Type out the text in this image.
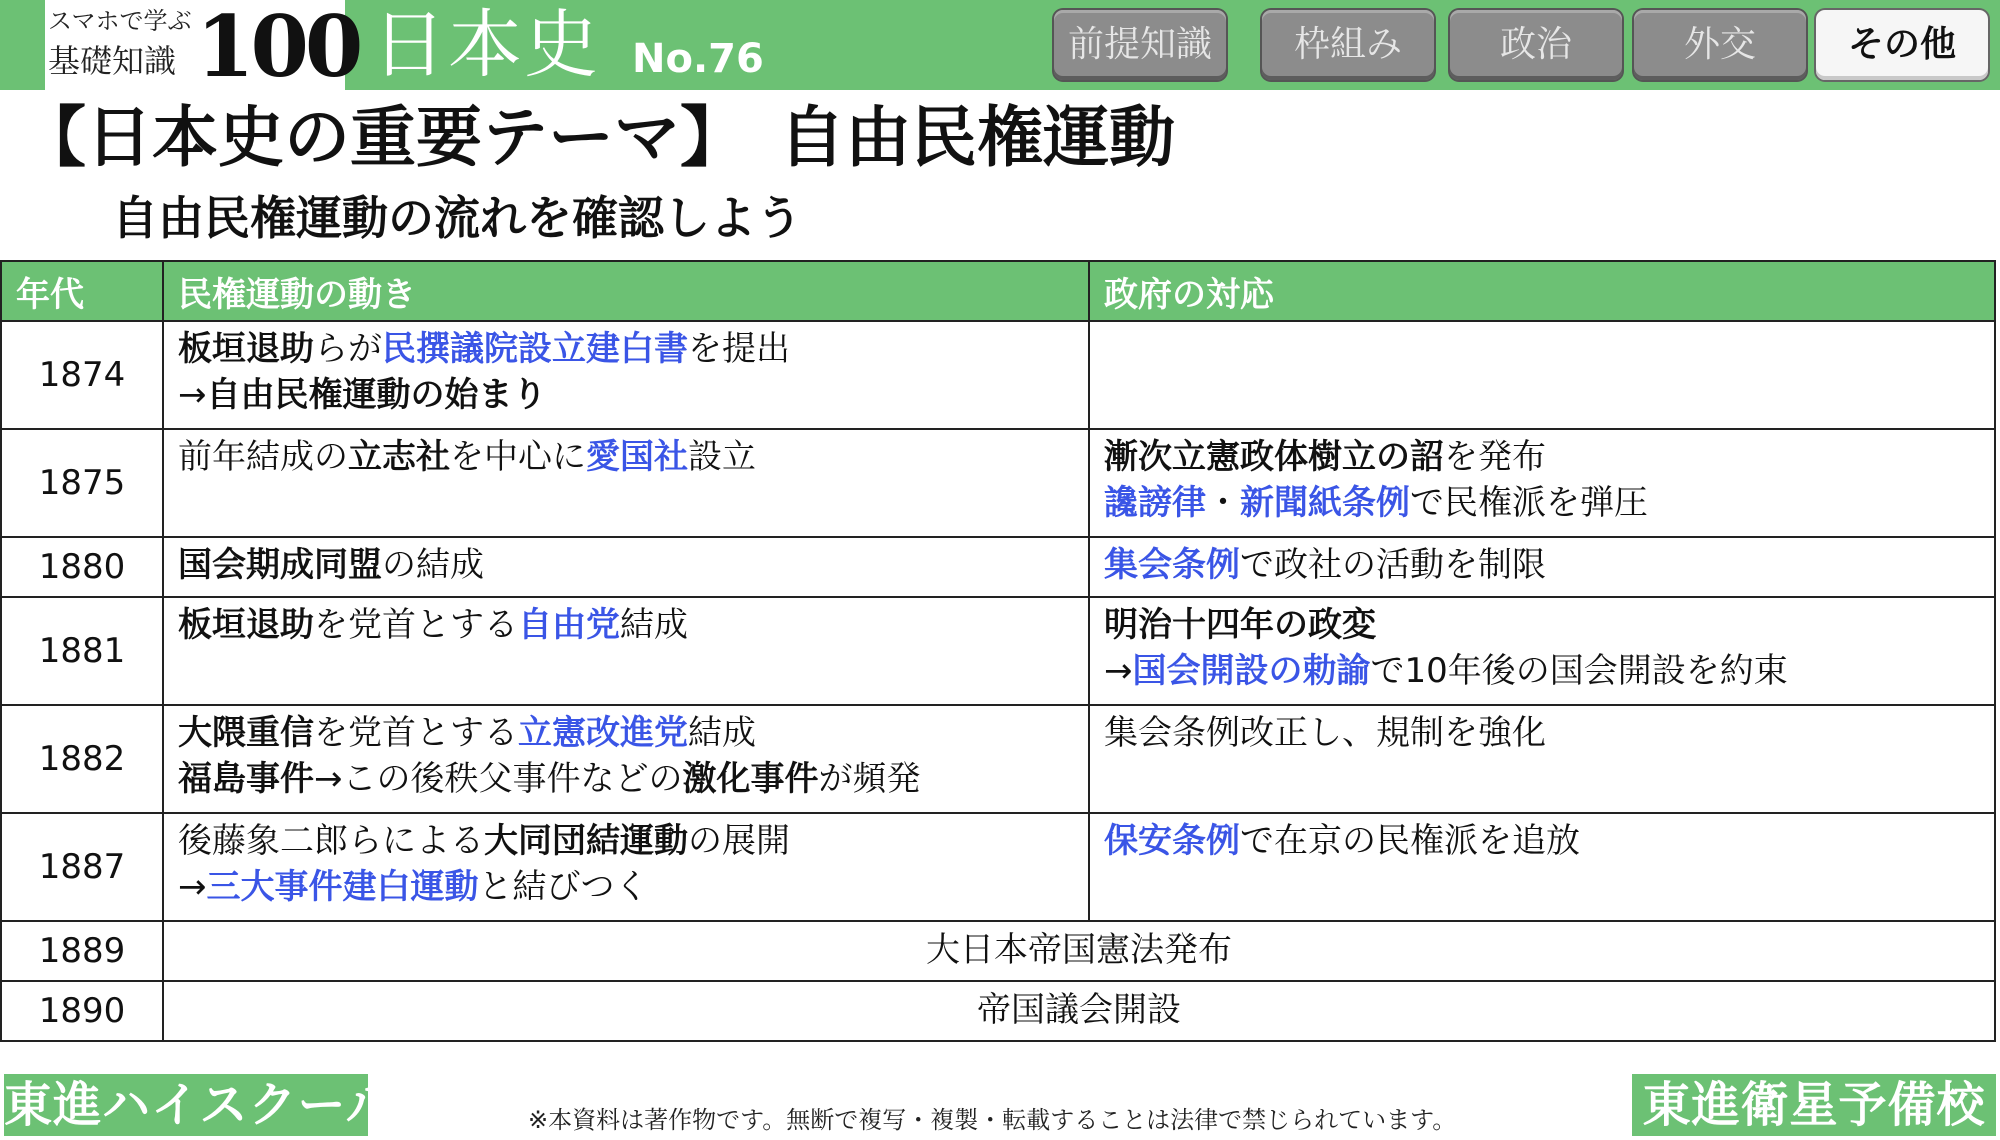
スマホで学ぶ
基礎知識 100 日本史 No.76	前提知識	枠組み	政治	外交	その他
【日本史の重要テーマ】　自由民権運動
自由民権運動の流れを確認しよう
年代	民権運動の動き	政府の対応
1874	板垣退助らが民撰議院設立建白書を提出
→自由民権運動の始まり	

1875	前年結成の立志社を中心に愛国社設立	漸次立憲政体樹立の詔を発布
讒謗律・新聞紙条例で民権派を弾圧

1880	国会期成同盟の結成	集会条例で政社の活動を制限

1881	板垣退助を党首とする自由党結成	明治十四年の政変
→国会開設の勅諭で10年後の国会開設を約束

1882	大隈重信を党首とする立憲改進党結成
福島事件→この後秩父事件などの激化事件が頻発	集会条例改正し、規制を強化

1887	後藤象二郎らによる大同団結運動の展開
→三大事件建白運動と結びつく	保安条例で在京の民権派を追放

1889	大日本帝国憲法発布	
1890	帝国議会開設	
東進ハイスクール	※本資料は著作物です。無断で複写・複製・転載することは法律で禁じられています。	東進衛星予備校
